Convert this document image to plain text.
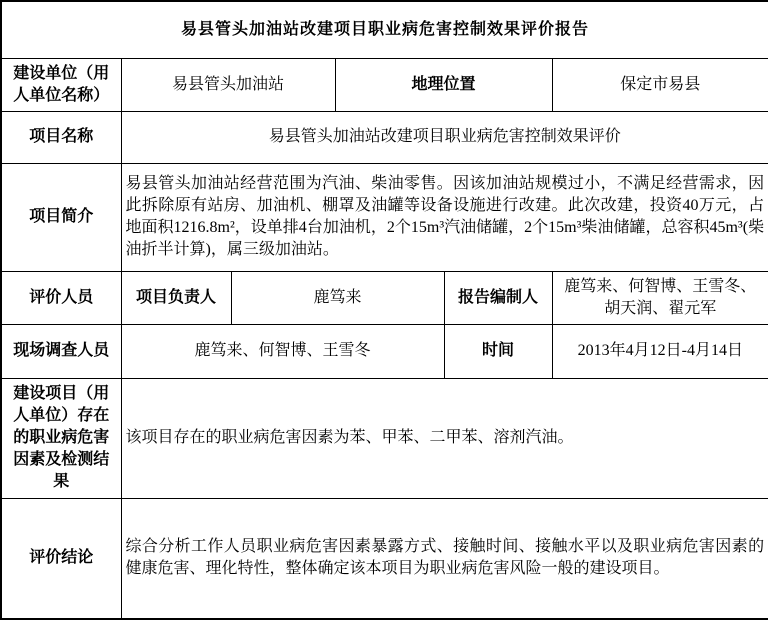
易县管头加油站改建项目职业病危害控制效果评价报告					
建设单位（用人单位名称）	易县管头加油站		地理位置		保定市易县
项目名称	易县管头加油站改建项目职业病危害控制效果评价				
项目简介	易县管头加油站经营范围为汽油、柴油零售。因该加油站规模过小，不满足经营需求，因此拆除原有站房、加油机、棚罩及油罐等设备设施进行改建。此次改建，投资40万元，占地面积1216.8m²，设单排4台加油机，2个15m³汽油储罐，2个15m³柴油储罐，总容积45m³(柴油折半计算)，属三级加油站。				
评价人员	项目负责人	鹿笃来		报告编制人	鹿笃来、何智博、王雪冬、胡天润、翟元军
现场调查人员	鹿笃来、何智博、王雪冬			时间	2013年4月12日-4月14日
建设项目（用人单位）存在的职业病危害因素及检测结果	该项目存在的职业病危害因素为苯、甲苯、二甲苯、溶剂汽油。				
评价结论	综合分析工作人员职业病危害因素暴露方式、接触时间、接触水平以及职业病危害因素的健康危害、理化特性，整体确定该本项目为职业病危害风险一般的建设项目。				
